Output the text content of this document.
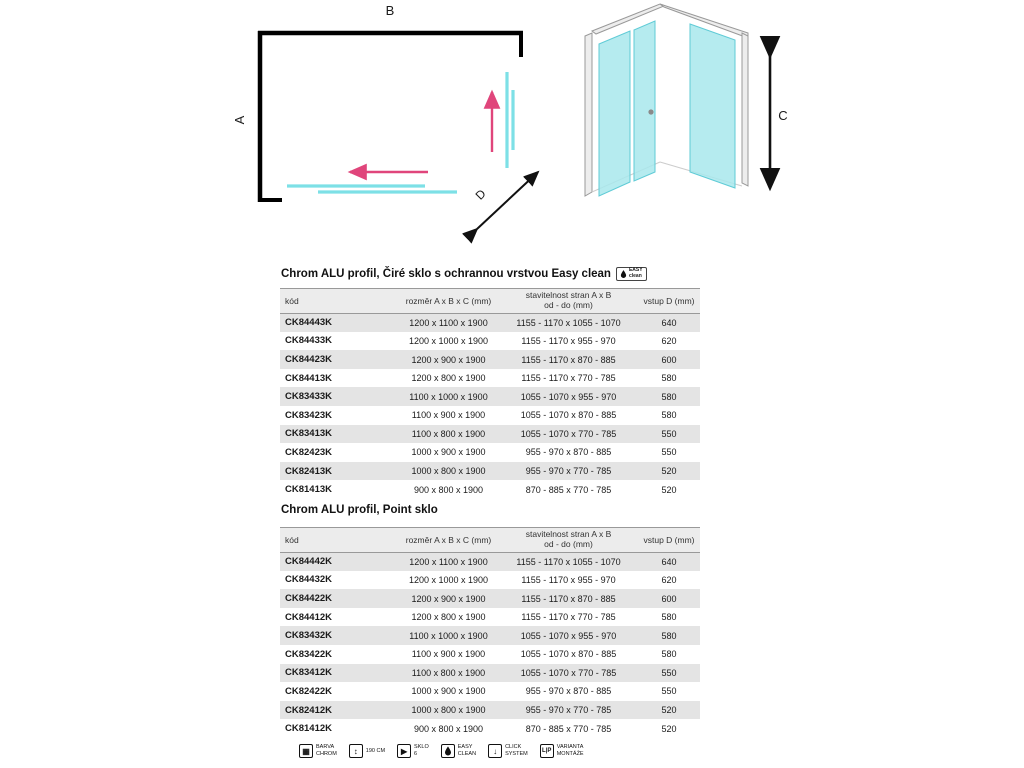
B
A
D
C
Chrom ALU profil, Čiré sklo s ochrannou vrstvou Easy clean	EASY
clean
kód	rozměr A x B x C (mm)	stavitelnost stran A x B
od - do (mm)	vstup D (mm)
CK84443K	1200 x 1100 x 1900	1155 - 1170 x 1055 - 1070	640
CK84433K	1200 x 1000 x 1900	1155 - 1170 x 955 - 970	620
CK84423K	1200 x 900 x 1900	1155 - 1170 x 870 - 885	600
CK84413K	1200 x 800 x 1900	1155 - 1170 x 770 - 785	580
CK83433K	1100 x 1000 x 1900	1055 - 1070 x 955 - 970	580
CK83423K	1100 x 900 x 1900	1055 - 1070 x 870 - 885	580
CK83413K	1100 x 800 x 1900	1055 - 1070 x 770 - 785	550
CK82423K	1000 x 900 x 1900	955 - 970 x 870 - 885	550
CK82413K	1000 x 800 x 1900	955 - 970 x 770 - 785	520
CK81413K	900 x 800 x 1900	870 - 885 x 770 - 785	520
Chrom ALU profil, Point sklo
kód	rozměr A x B x C (mm)	stavitelnost stran A x B
od - do (mm)	vstup D (mm)
CK84442K	1200 x 1100 x 1900	1155 - 1170 x 1055 - 1070	640
CK84432K	1200 x 1000 x 1900	1155 - 1170 x 955 - 970	620
CK84422K	1200 x 900 x 1900	1155 - 1170 x 870 - 885	600
CK84412K	1200 x 800 x 1900	1155 - 1170 x 770 - 785	580
CK83432K	1100 x 1000 x 1900	1055 - 1070 x 955 - 970	580
CK83422K	1100 x 900 x 1900	1055 - 1070 x 870 - 885	580
CK83412K	1100 x 800 x 1900	1055 - 1070 x 770 - 785	550
CK82422K	1000 x 900 x 1900	955 - 970 x 870 - 885	550
CK82412K	1000 x 800 x 1900	955 - 970 x 770 - 785	520
CK81412K	900 x 800 x 1900	870 - 885 x 770 - 785	520
▦	BARVA
CHROM	↕	190 CM	▶	SKLO
6
EASY
CLEAN	↓	CLICK
SYSTEM	L|P
VARIANTA
MONTÁŽE
